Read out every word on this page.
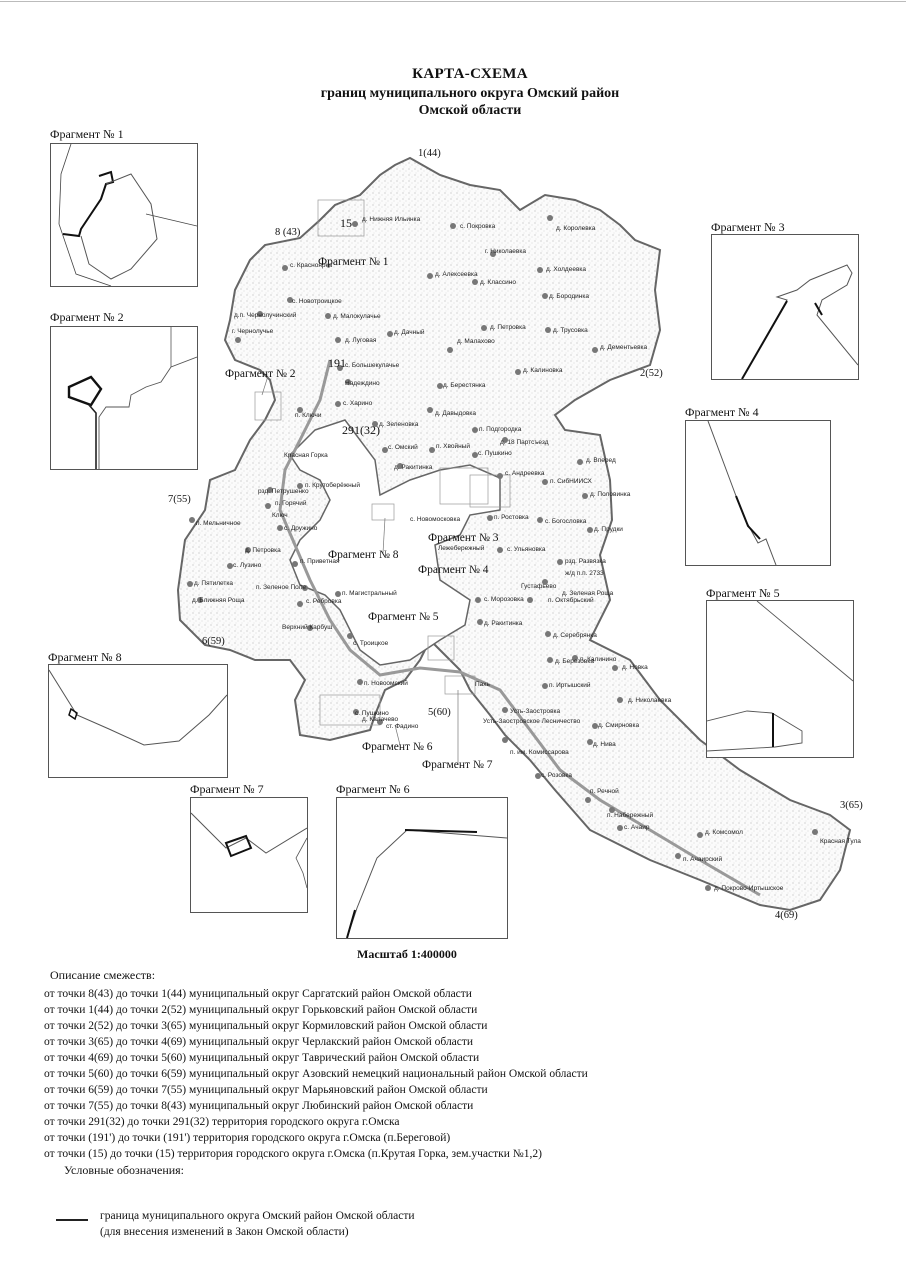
КАРТА-СХЕМА
границ муниципального округа Омский район
Омской области
Фрагмент № 1
Фрагмент № 2
Фрагмент № 3
Фрагмент № 4
Фрагмент № 5
Фрагмент № 8
Фрагмент № 7	Фрагмент № 6
Фрагмент № 1
Фрагмент № 2
Фрагмент № 3
Фрагмент № 4
Фрагмент № 5
Фрагмент № 6
Фрагмент № 7
Фрагмент № 8
1(44)
2(52)
3(65)
4(69)
5(60)
6(59)
7(55)
8 (43)
15
191
291(32)
д. Нижняя Ильинка
с. Покровка	д. Королевка
г. Николаевка
с. Красноярка
д. Алексеевка
д. Холдеевка
д. Классино
с. Новотроицкое
д. Бородинка
д.п. Чернолучинский	д. Малокулачье
г. Чернолучье
д. Луговая
д. Дачный
д. Петровка	д. Трусовка
д. Малахово
д. Дементьевка
с. Большекулачье
д. Калиновка
Надеждино	д. Берестянка
с. Харино
д. Давыдовка
п. Ключи
д. Зеленовка
п. Подгородка
д. 18 Партсъезд
с. Омский	п. Хвойный
с. Пушкино
д. Ракитинка
д. Вперед
с. Андреевка
п. СибНИИСХ
Красная Горка
д. Половинка
рзд. Петрушенко
п. Крутоберёжный
п. Горячий
с. Богословка
Ключ
с. Новомосковка	п. Ростовка
с. Дружино	д. Прудки
п. Мельничное
Лежебережный	с. Ульяновка
рзд. Развязка
ж/д п.п. 2733
д. Петровка
п. Приветная
Густафьево
д. Зеленая Роща
с. Лузино
п. Октябрьский
п. Зеленое Поле
д. Пятилетка
п. Магистральный
с. Морозовка
с. Ребровка
д. Ближняя Роща
д. Ракитинка
Верхний Карбуш
с. Троицкое
д. Серебрянка
д. Березовка
п. Калинино
д. Новка
п. Новоомский
с. Пушкино
п. Иртышский
д. Николаевка
д. Калачево
ст. Фадино
Пахь
Усть-Заостровка
Усть-Заостровское Лесничество
д. Смирновка
п. им. Комиссарова
д. Нива
с. Розовка
п. Речной
п. Набережный
с. Ачаир
д. Комсомол
Красная Тула
п. Ачаирский
д. Покрово-Иртышское
Масштаб 1:400000
Описание смежеств:
от точки 8(43) до точки 1(44) муниципальный округ Саргатский район Омской области
от точки 1(44) до точки 2(52) муниципальный округ Горьковский район Омской области
от точки 2(52) до точки 3(65) муниципальный округ Кормиловский район Омской области
от точки 3(65) до точки 4(69) муниципальный округ Черлакский район Омской области
от точки 4(69) до точки 5(60) муниципальный округ Таврический район Омской области
от точки 5(60) до точки 6(59) муниципальный округ Азовский немецкий национальный район Омской области
от точки 6(59) до точки 7(55) муниципальный округ Марьяновский район Омской области
от точки 7(55) до точки 8(43) муниципальный округ Любинский район Омской области
от точки 291(32) до точки 291(32) территория городского округа г.Омска
от точки (191') до точки (191') территория городского округа г.Омска (п.Береговой)
от точки (15) до точки (15) территория городского округа г.Омска (п.Крутая Горка, зем.участки №1,2)
Условные обозначения:
граница муниципального округа Омский район Омской области
(для внесения изменений в Закон Омской области)
